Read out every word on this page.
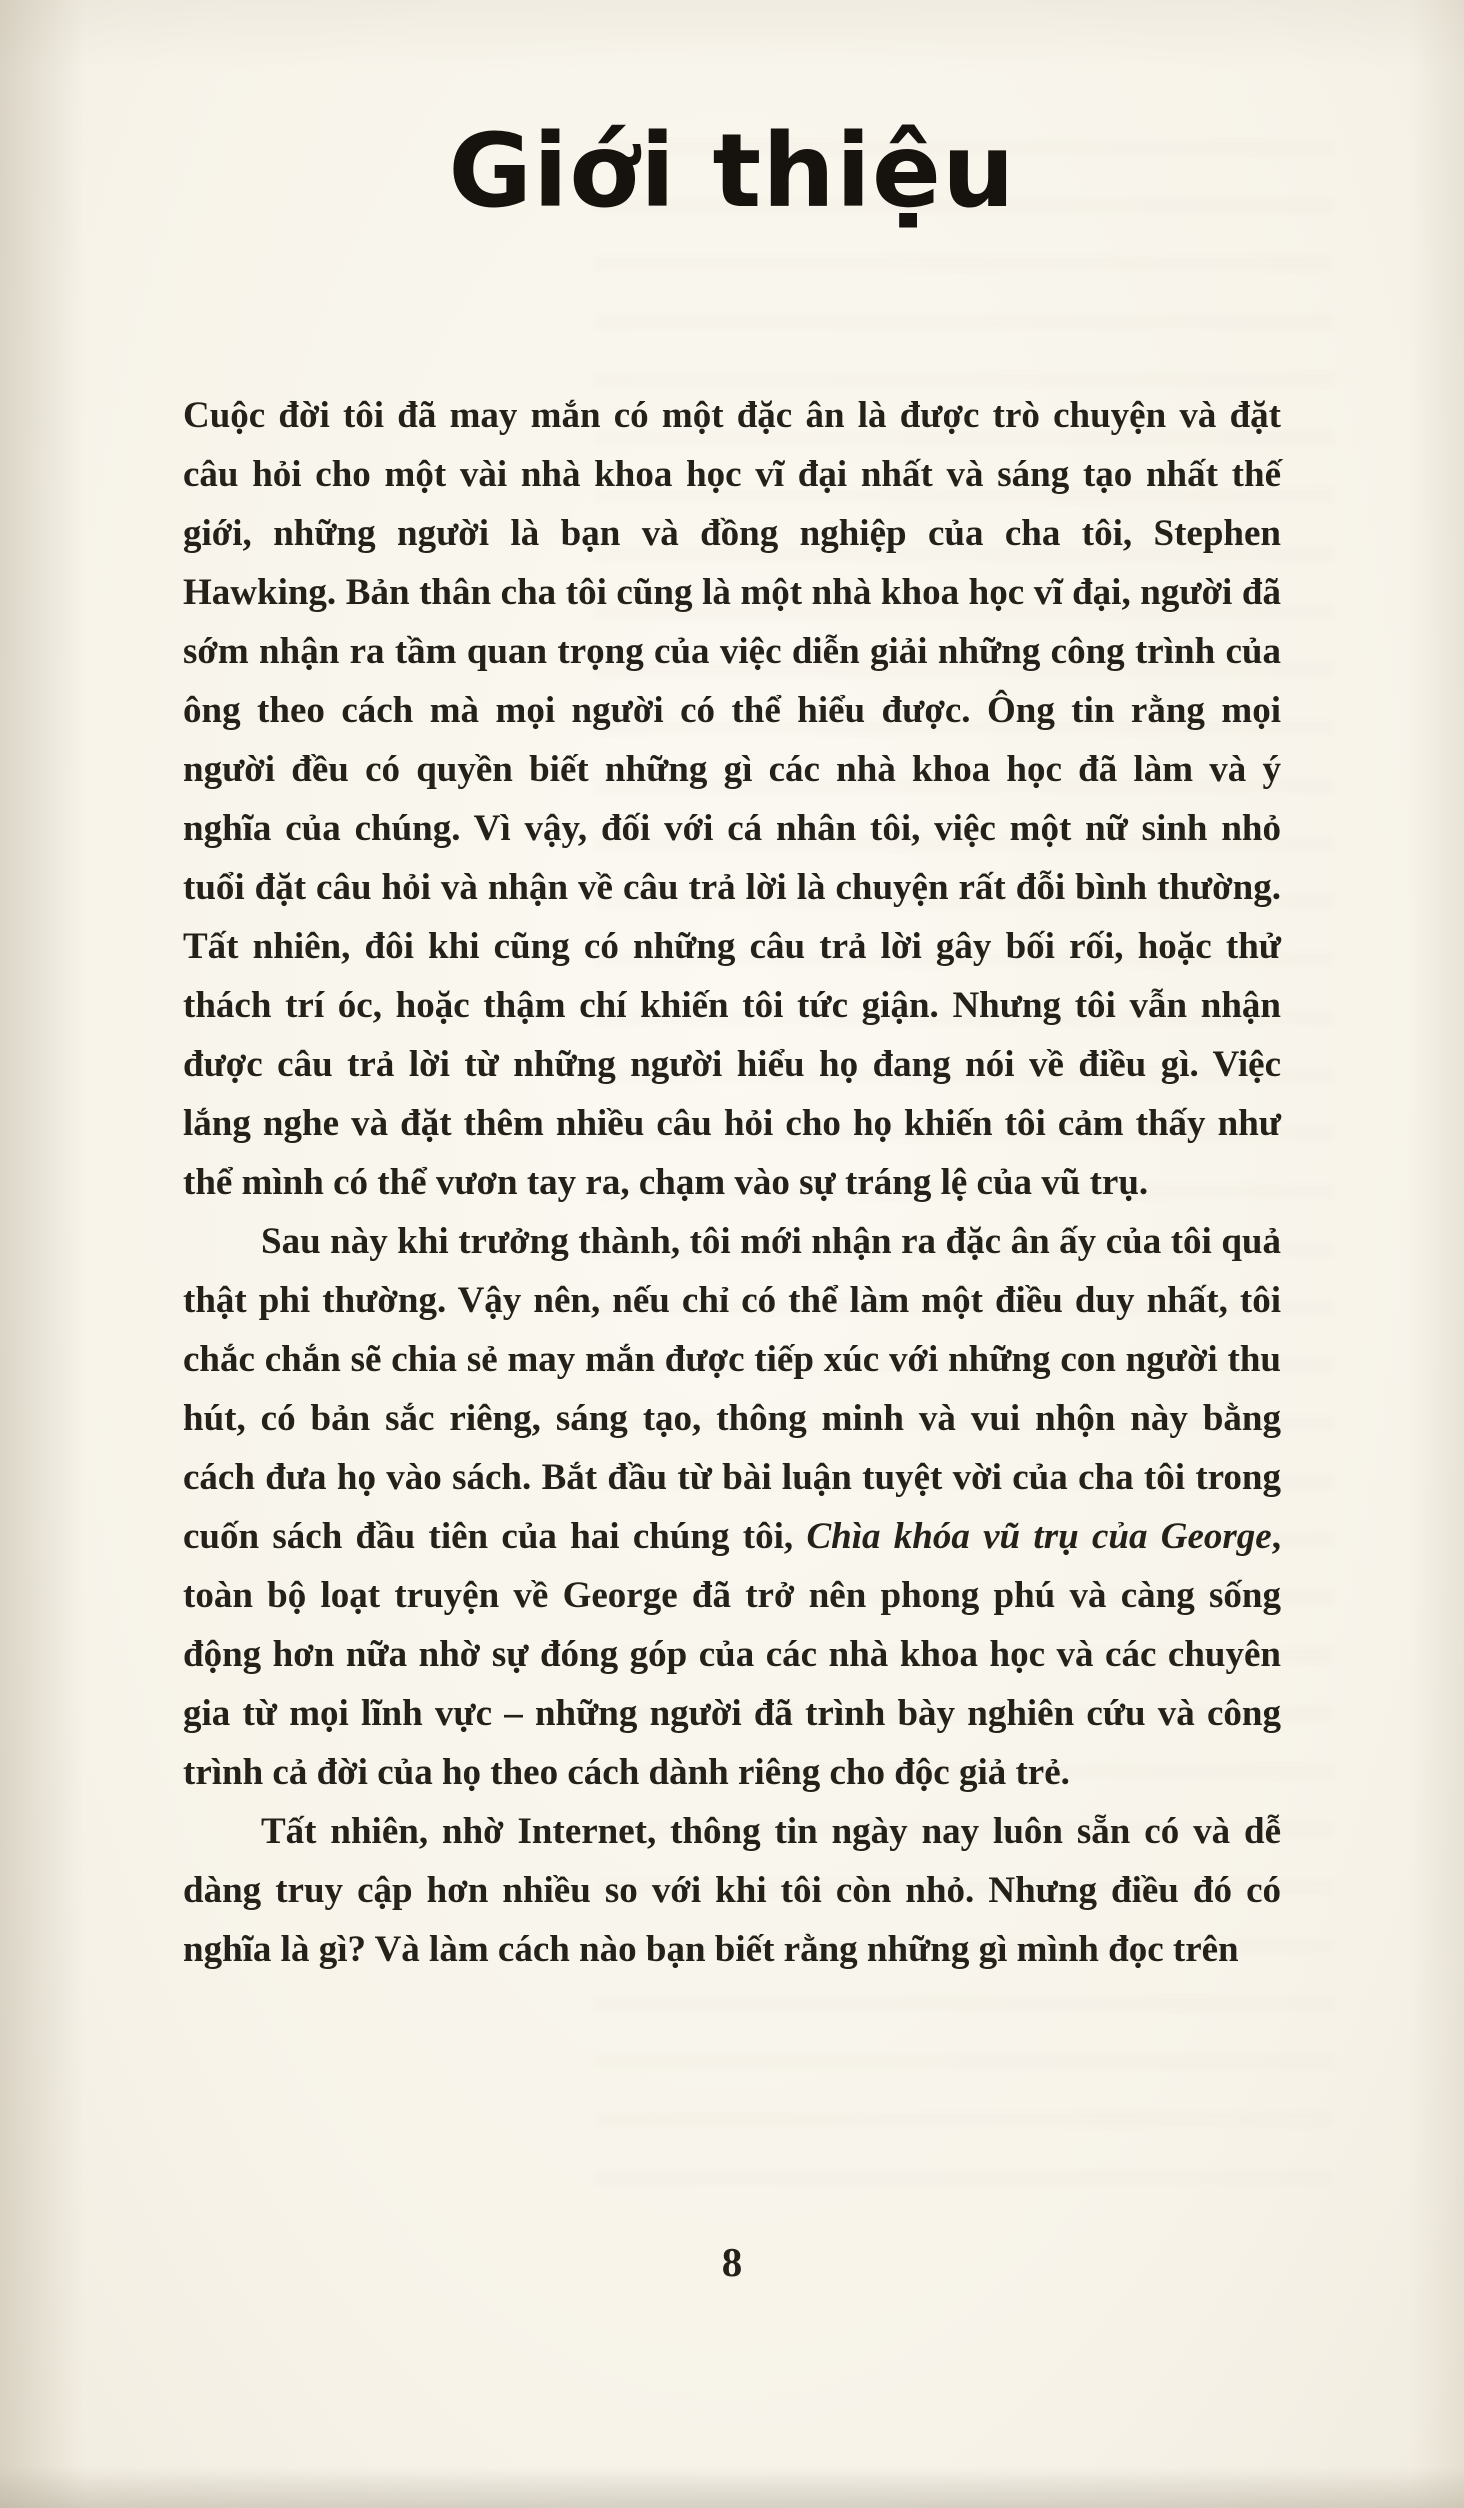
Giới thiệu

Cuộc đời tôi đã may mắn có một đặc ân là được trò chuyện và đặt câu hỏi cho một vài nhà khoa học vĩ đại nhất và sáng tạo nhất thế giới, những người là bạn và đồng nghiệp của cha tôi, Stephen Hawking. Bản thân cha tôi cũng là một nhà khoa học vĩ đại, người đã sớm nhận ra tầm quan trọng của việc diễn giải những công trình của ông theo cách mà mọi người có thể hiểu được. Ông tin rằng mọi người đều có quyền biết những gì các nhà khoa học đã làm và ý nghĩa của chúng. Vì vậy, đối với cá nhân tôi, việc một nữ sinh nhỏ tuổi đặt câu hỏi và nhận về câu trả lời là chuyện rất đỗi bình thường. Tất nhiên, đôi khi cũng có những câu trả lời gây bối rối, hoặc thử thách trí óc, hoặc thậm chí khiến tôi tức giận. Nhưng tôi vẫn nhận được câu trả lời từ những người hiểu họ đang nói về điều gì. Việc lắng nghe và đặt thêm nhiều câu hỏi cho họ khiến tôi cảm thấy như thể mình có thể vươn tay ra, chạm vào sự tráng lệ của vũ trụ.

Sau này khi trưởng thành, tôi mới nhận ra đặc ân ấy của tôi quả thật phi thường. Vậy nên, nếu chỉ có thể làm một điều duy nhất, tôi chắc chắn sẽ chia sẻ may mắn được tiếp xúc với những con người thu hút, có bản sắc riêng, sáng tạo, thông minh và vui nhộn này bằng cách đưa họ vào sách. Bắt đầu từ bài luận tuyệt vời của cha tôi trong cuốn sách đầu tiên của hai chúng tôi, Chìa khóa vũ trụ của George, toàn bộ loạt truyện về George đã trở nên phong phú và càng sống động hơn nữa nhờ sự đóng góp của các nhà khoa học và các chuyên gia từ mọi lĩnh vực – những người đã trình bày nghiên cứu và công trình cả đời của họ theo cách dành riêng cho độc giả trẻ.

Tất nhiên, nhờ Internet, thông tin ngày nay luôn sẵn có và dễ dàng truy cập hơn nhiều so với khi tôi còn nhỏ. Nhưng điều đó có nghĩa là gì? Và làm cách nào bạn biết rằng những gì mình đọc trên

8
